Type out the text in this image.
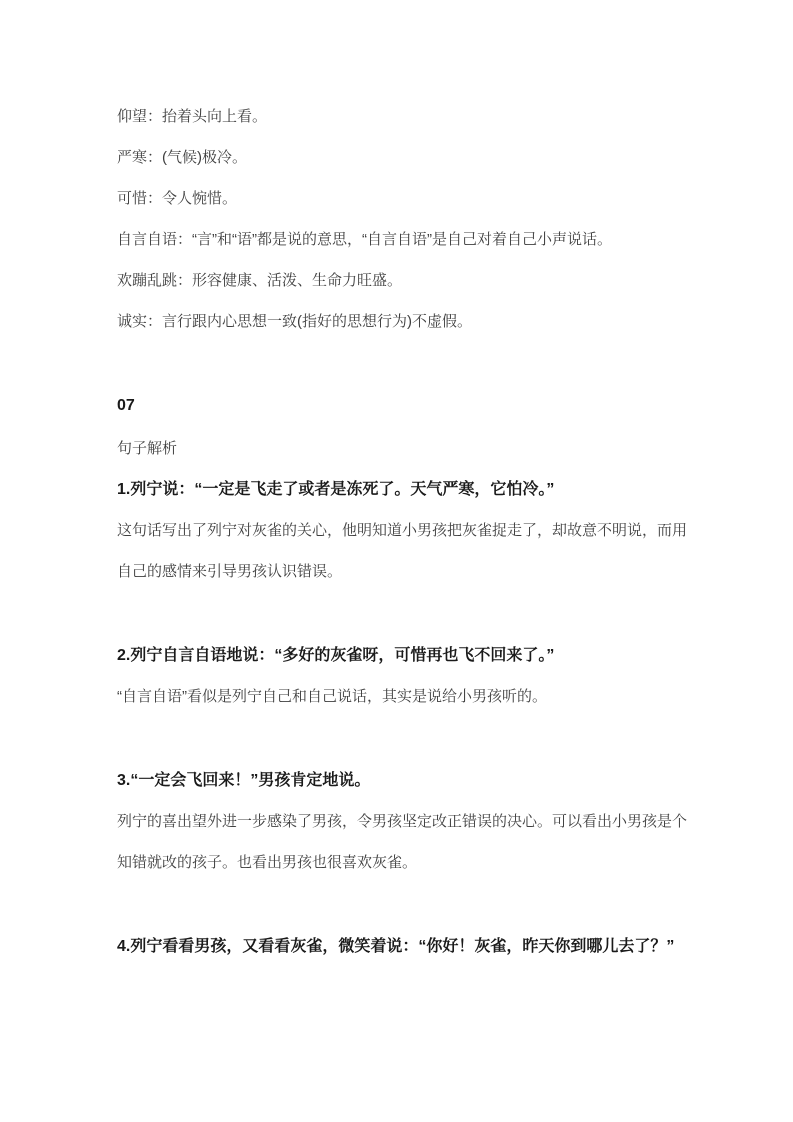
仰望：抬着头向上看。
严寒：(气候)极冷。
可惜：令人惋惜。
自言自语：“言”和“语”都是说的意思，“自言自语”是自己对着自己小声说话。
欢蹦乱跳：形容健康、活泼、生命力旺盛。
诚实：言行跟内心思想一致(指好的思想行为)不虚假。
07
句子解析
1.列宁说：“一定是飞走了或者是冻死了。天气严寒，它怕冷。”
这句话写出了列宁对灰雀的关心，他明知道小男孩把灰雀捉走了，却故意不明说，而用
自己的感情来引导男孩认识错误。
2.列宁自言自语地说：“多好的灰雀呀，可惜再也飞不回来了。”
“自言自语”看似是列宁自己和自己说话，其实是说给小男孩听的。
3.“一定会飞回来！”男孩肯定地说。
列宁的喜出望外进一步感染了男孩，令男孩坚定改正错误的决心。可以看出小男孩是个
知错就改的孩子。也看出男孩也很喜欢灰雀。
4.列宁看看男孩，又看看灰雀，微笑着说：“你好！灰雀，昨天你到哪儿去了？”
